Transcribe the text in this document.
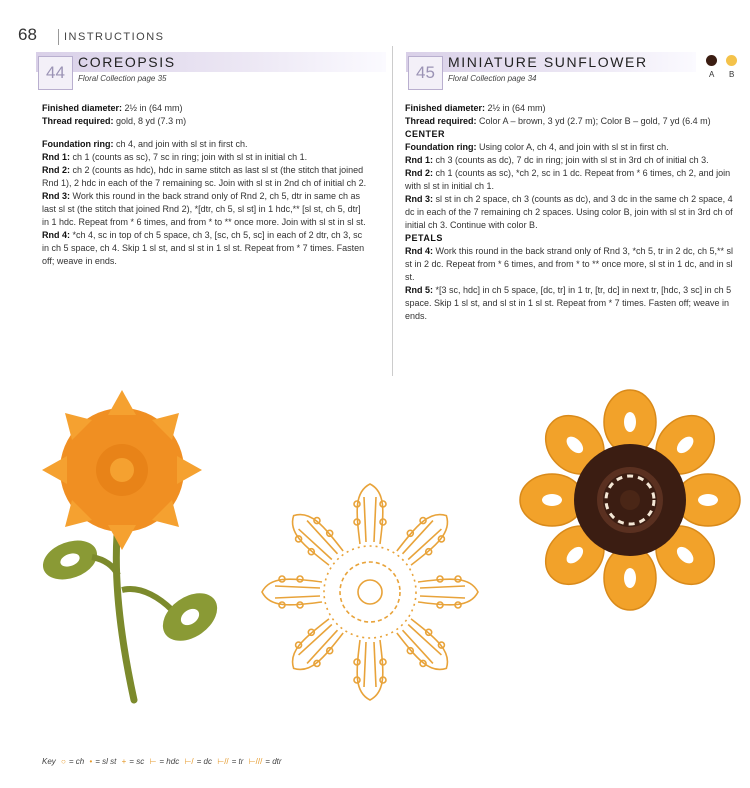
68 INSTRUCTIONS
44
COREOPSIS
Floral Collection page 35	45
MINIATURE SUNFLOWER
Floral Collection page 34	A B

Finished diameter: 2½ in (64 mm)

Thread required: gold, 8 yd (7.3 m)

Foundation ring: ch 4, and join with sl st in first ch.

Rnd 1: ch 1 (counts as sc), 7 sc in ring; join with sl st in initial ch 1.

Rnd 2: ch 2 (counts as hdc), hdc in same stitch as last sl st (the stitch that joined Rnd 1), 2 hdc in each of the 7 remaining sc. Join with sl st in 2nd ch of initial ch 2.

Rnd 3: Work this round in the back strand only of Rnd 2, ch 5, dtr in same ch as last sl st (the stitch that joined Rnd 2), *[dtr, ch 5, sl st] in 1 hdc,** [sl st, ch 5, dtr] in 1 hdc. Repeat from * 6 times, and from * to ** once more. Join with sl st in sl st.

Rnd 4: *ch 4, sc in top of ch 5 space, ch 3, [sc, ch 5, sc] in each of 2 dtr, ch 3, sc in ch 5 space, ch 4. Skip 1 sl st, and sl st in 1 sl st. Repeat from * 7 times. Fasten off; weave in ends.

Finished diameter: 2½ in (64 mm)

Thread required: Color A – brown, 3 yd (2.7 m); Color B – gold, 7 yd (6.4 m)

CENTER

Foundation ring: Using color A, ch 4, and join with sl st in first ch.

Rnd 1: ch 3 (counts as dc), 7 dc in ring; join with sl st in 3rd ch of initial ch 3.

Rnd 2: ch 1 (counts as sc), *ch 2, sc in 1 dc. Repeat from * 6 times, ch 2, and join with sl st in initial ch 1.

Rnd 3: sl st in ch 2 space, ch 3 (counts as dc), and 3 dc in the same ch 2 space, 4 dc in each of the 7 remaining ch 2 spaces. Using color B, join with sl st in 3rd ch of initial ch 3. Continue with color B.

PETALS

Rnd 4: Work this round in the back strand only of Rnd 3, *ch 5, tr in 2 dc, ch 5,** sl st in 2 dc. Repeat from * 6 times, and from * to ** once more, sl st in 1 dc, and in sl st.

Rnd 5: *[3 sc, hdc] in ch 5 space, [dc, tr] in 1 tr, [tr, dc] in next tr, [hdc, 3 sc] in ch 5 space. Skip 1 sl st, and sl st in 1 sl st. Repeat from * 7 times. Fasten off; weave in ends.

Key ○ = ch • = sl st + = sc ⊢ = hdc ⊢/ = dc ⊢// = tr ⊢/// = dtr
